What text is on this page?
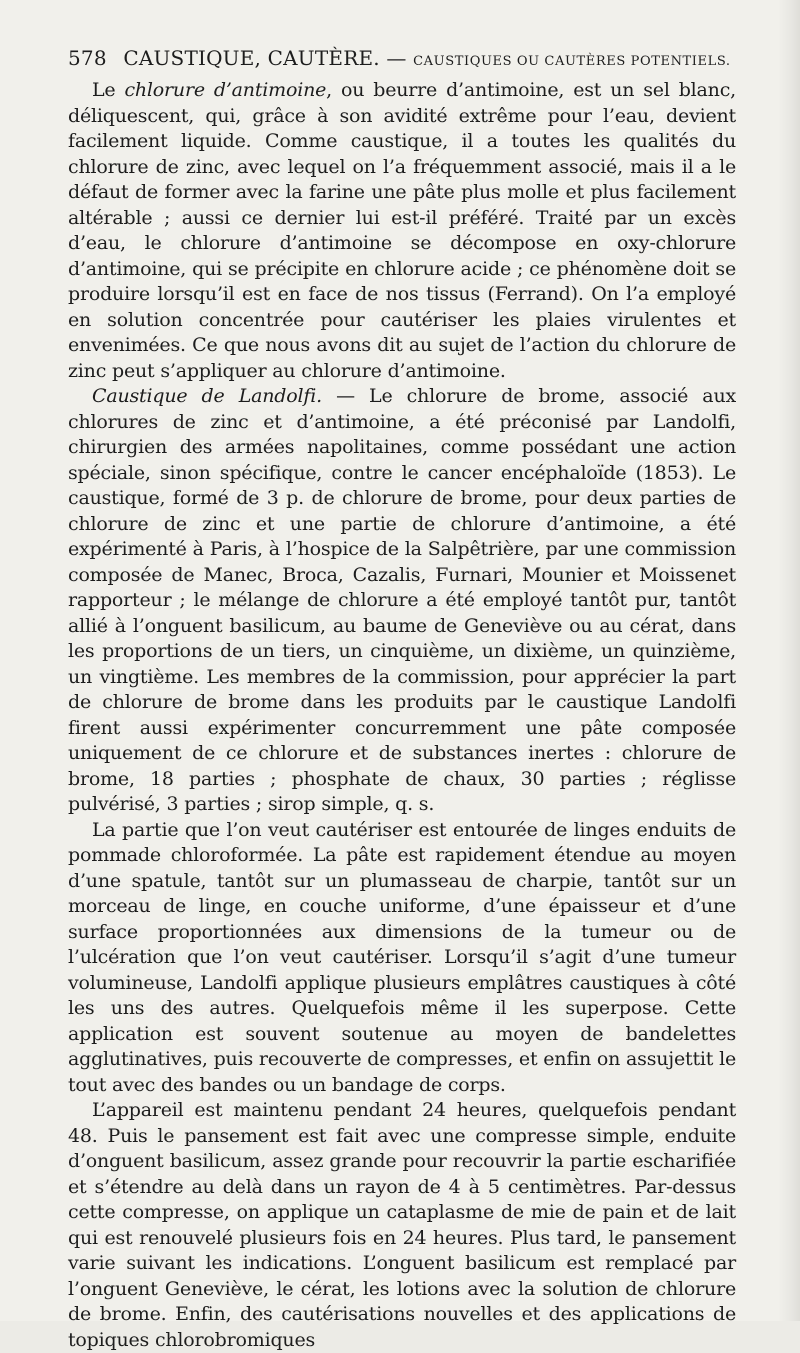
578 CAUSTIQUE, CAUTÈRE. — CAUSTIQUES OU CAUTÈRES POTENTIELS.

Le chlorure d’antimoine, ou beurre d’antimoine, est un sel blanc, déliquescent, qui, grâce à son avidité extrême pour l’eau, devient facilement liquide. Comme caustique, il a toutes les qualités du chlorure de zinc, avec lequel on l’a fréquemment associé, mais il a le défaut de former avec la farine une pâte plus molle et plus facilement altérable ; aussi ce dernier lui est-il préféré. Traité par un excès d’eau, le chlorure d’antimoine se décompose en oxy-chlorure d’antimoine, qui se précipite en chlorure acide ; ce phénomène doit se produire lorsqu’il est en face de nos tissus (Ferrand). On l’a employé en solution concentrée pour cautériser les plaies virulentes et envenimées. Ce que nous avons dit au sujet de l’action du chlorure de zinc peut s’appliquer au chlorure d’antimoine.

Caustique de Landolfi. — Le chlorure de brome, associé aux chlorures de zinc et d’antimoine, a été préconisé par Landolfi, chirurgien des armées napolitaines, comme possédant une action spéciale, sinon spécifique, contre le cancer encéphaloïde (1853). Le caustique, formé de 3 p. de chlorure de brome, pour deux parties de chlorure de zinc et une partie de chlorure d’antimoine, a été expérimenté à Paris, à l’hospice de la Salpêtrière, par une commission composée de Manec, Broca, Cazalis, Furnari, Mounier et Moissenet rapporteur ; le mélange de chlorure a été employé tantôt pur, tantôt allié à l’onguent basilicum, au baume de Geneviève ou au cérat, dans les proportions de un tiers, un cinquième, un dixième, un quinzième, un vingtième. Les membres de la commission, pour apprécier la part de chlorure de brome dans les produits par le caustique Landolfi firent aussi expérimenter concurremment une pâte composée uniquement de ce chlorure et de substances inertes : chlorure de brome, 18 parties ; phosphate de chaux, 30 parties ; réglisse pulvérisé, 3 parties ; sirop simple, q. s.

La partie que l’on veut cautériser est entourée de linges enduits de pommade chloroformée. La pâte est rapidement étendue au moyen d’une spatule, tantôt sur un plumasseau de charpie, tantôt sur un morceau de linge, en couche uniforme, d’une épaisseur et d’une surface proportionnées aux dimensions de la tumeur ou de l’ulcération que l’on veut cautériser. Lorsqu’il s’agit d’une tumeur volumineuse, Landolfi applique plusieurs emplâtres caustiques à côté les uns des autres. Quelquefois même il les superpose. Cette application est souvent soutenue au moyen de bandelettes agglutinatives, puis recouverte de compresses, et enfin on assujettit le tout avec des bandes ou un bandage de corps.

L’appareil est maintenu pendant 24 heures, quelquefois pendant 48. Puis le pansement est fait avec une compresse simple, enduite d’onguent basilicum, assez grande pour recouvrir la partie escharifiée et s’étendre au delà dans un rayon de 4 à 5 centimètres. Par-dessus cette compresse, on applique un cataplasme de mie de pain et de lait qui est renouvelé plusieurs fois en 24 heures. Plus tard, le pansement varie suivant les indications. L’onguent basilicum est remplacé par l’onguent Geneviève, le cérat, les lotions avec la solution de chlorure de brome. Enfin, des cautérisations nouvelles et des applications de topiques chlorobromiques
